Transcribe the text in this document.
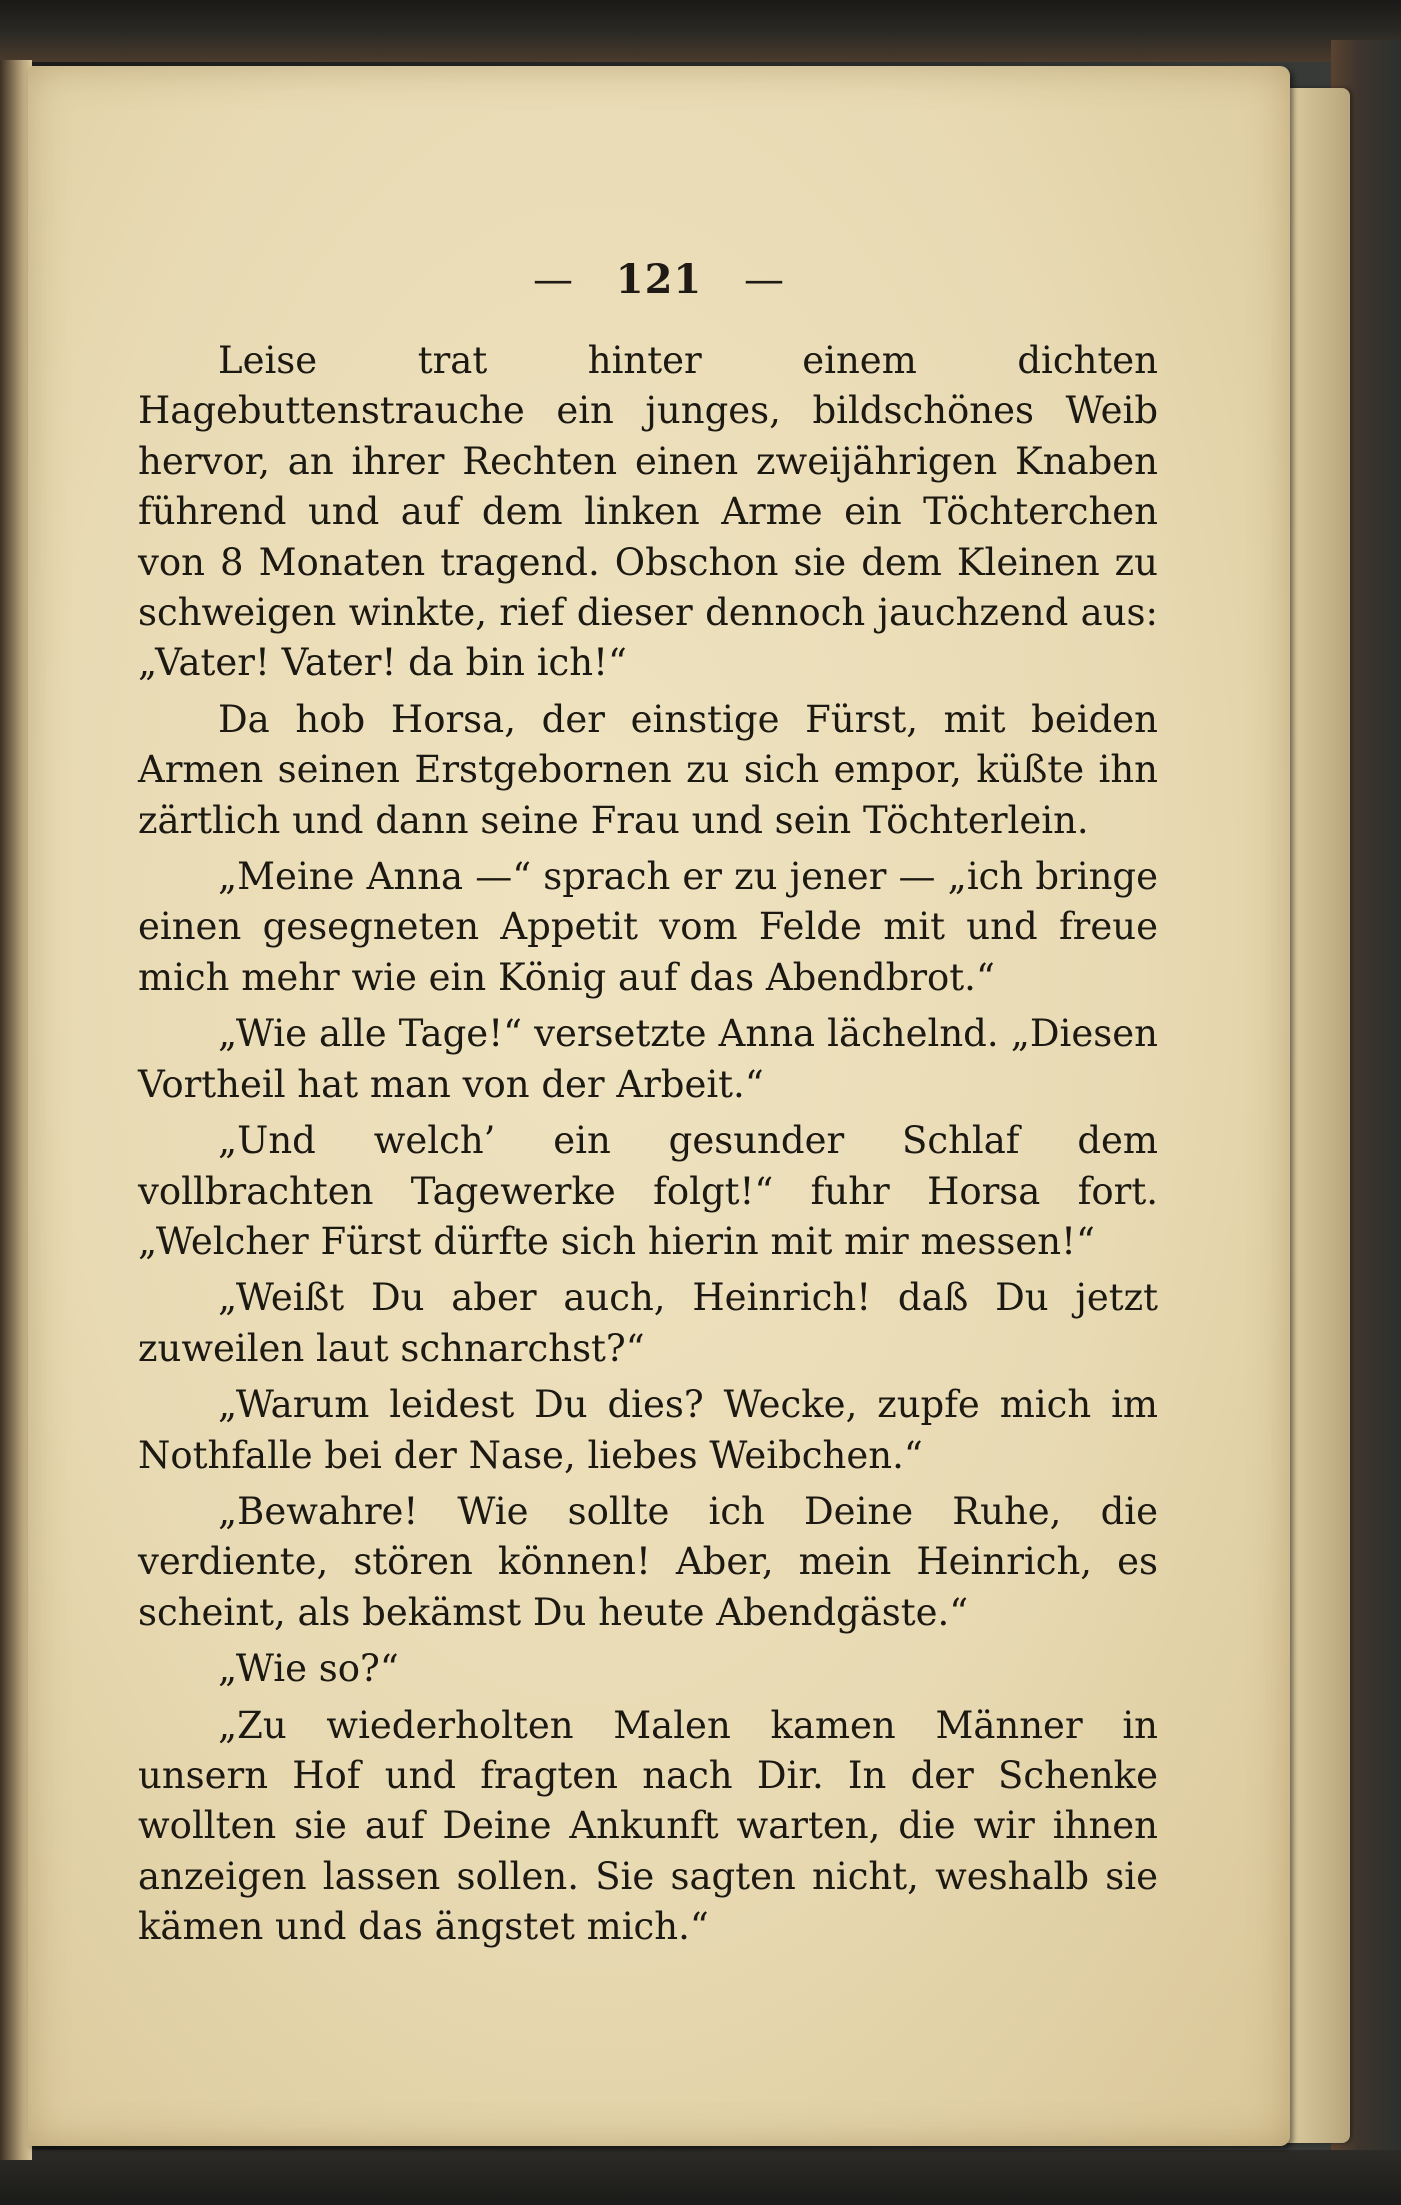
— 121 —

Leise trat hinter einem dichten Hagebuttenstrauche ein junges, bildschönes Weib hervor, an ihrer Rechten einen zweijährigen Knaben führend und auf dem linken Arme ein Töchterchen von 8 Monaten tragend. Obschon sie dem Kleinen zu schweigen winkte, rief dieser dennoch jauchzend aus: „Vater! Vater! da bin ich!“

Da hob Horsa, der einstige Fürst, mit beiden Armen seinen Erstgebornen zu sich empor, küßte ihn zärtlich und dann seine Frau und sein Töchterlein.

„Meine Anna —“ sprach er zu jener — „ich bringe einen gesegneten Appetit vom Felde mit und freue mich mehr wie ein König auf das Abendbrot.“

„Wie alle Tage!“ versetzte Anna lächelnd. „Diesen Vortheil hat man von der Arbeit.“

„Und welch’ ein gesunder Schlaf dem vollbrachten Tagewerke folgt!“ fuhr Horsa fort. „Welcher Fürst dürfte sich hierin mit mir messen!“

„Weißt Du aber auch, Heinrich! daß Du jetzt zuweilen laut schnarchst?“

„Warum leidest Du dies? Wecke, zupfe mich im Nothfalle bei der Nase, liebes Weibchen.“

„Bewahre! Wie sollte ich Deine Ruhe, die verdiente, stören können! Aber, mein Heinrich, es scheint, als bekämst Du heute Abendgäste.“

„Wie so?“

„Zu wiederholten Malen kamen Männer in unsern Hof und fragten nach Dir. In der Schenke wollten sie auf Deine Ankunft warten, die wir ihnen anzeigen lassen sollen. Sie sagten nicht, weshalb sie kämen und das ängstet mich.“
